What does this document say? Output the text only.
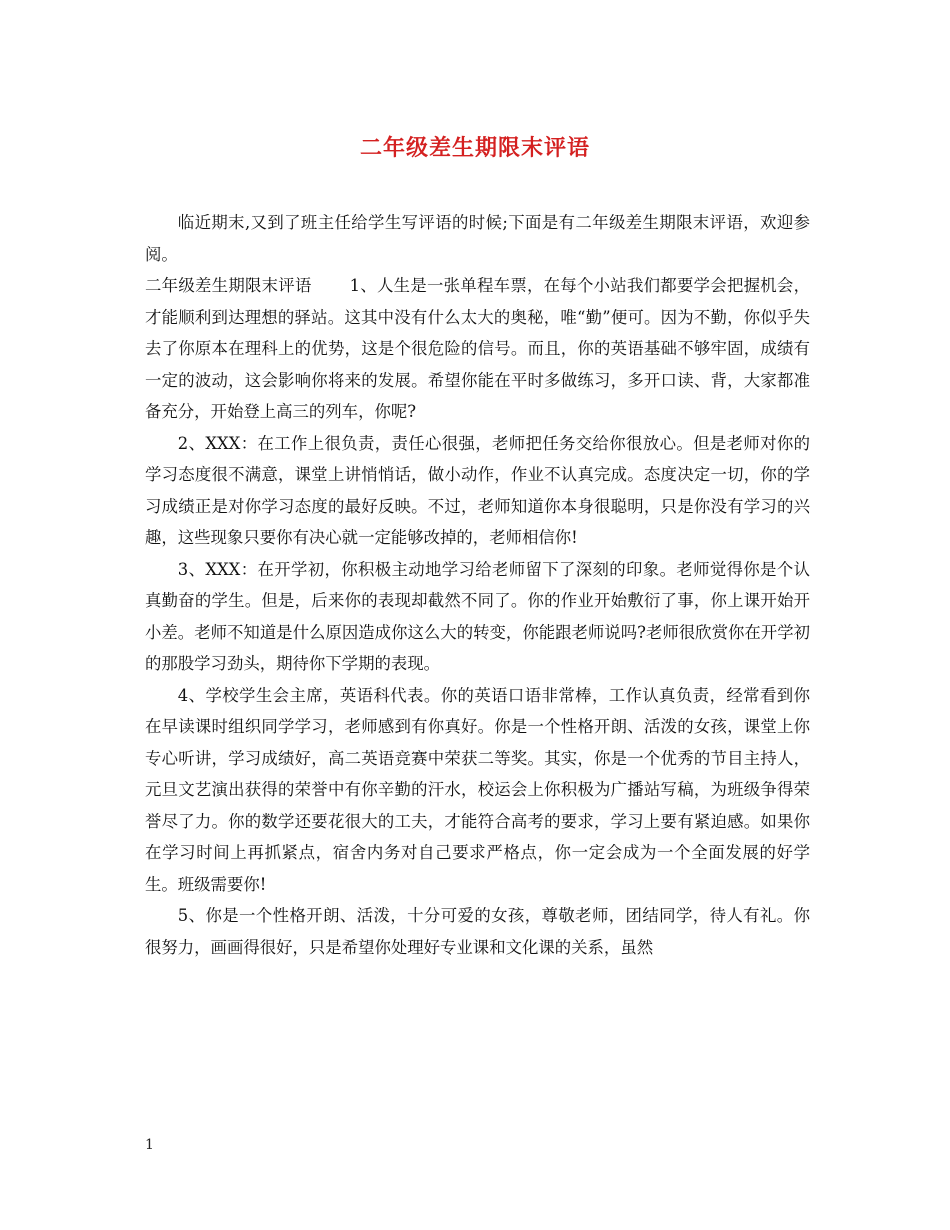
二年级差生期限末评语

临近期末,又到了班主任给学生写评语的时候;下面是有二年级差生期限末评语，欢迎参阅。

二年级差生期限末评语 1、人生是一张单程车票，在每个小站我们都要学会把握机会，才能顺利到达理想的驿站。这其中没有什么太大的奥秘，唯“勤”便可。因为不勤，你似乎失去了你原本在理科上的优势，这是个很危险的信号。而且，你的英语基础不够牢固，成绩有一定的波动，这会影响你将来的发展。希望你能在平时多做练习，多开口读、背，大家都准备充分，开始登上高三的列车，你呢?

2、XXX：在工作上很负责，责任心很强，老师把任务交给你很放心。但是老师对你的学习态度很不满意，课堂上讲悄悄话，做小动作，作业不认真完成。态度决定一切，你的学习成绩正是对你学习态度的最好反映。不过，老师知道你本身很聪明，只是你没有学习的兴趣，这些现象只要你有决心就一定能够改掉的，老师相信你!

3、XXX：在开学初，你积极主动地学习给老师留下了深刻的印象。老师觉得你是个认真勤奋的学生。但是，后来你的表现却截然不同了。你的作业开始敷衍了事，你上课开始开小差。老师不知道是什么原因造成你这么大的转变，你能跟老师说吗?老师很欣赏你在开学初的那股学习劲头，期待你下学期的表现。

4、学校学生会主席，英语科代表。你的英语口语非常棒，工作认真负责，经常看到你在早读课时组织同学学习，老师感到有你真好。你是一个性格开朗、活泼的女孩，课堂上你专心听讲，学习成绩好，高二英语竞赛中荣获二等奖。其实，你是一个优秀的节目主持人，元旦文艺演出获得的荣誉中有你辛勤的汗水，校运会上你积极为广播站写稿，为班级争得荣誉尽了力。你的数学还要花很大的工夫，才能符合高考的要求，学习上要有紧迫感。如果你在学习时间上再抓紧点，宿舍内务对自己要求严格点，你一定会成为一个全面发展的好学生。班级需要你!

5、你是一个性格开朗、活泼，十分可爱的女孩，尊敬老师，团结同学，待人有礼。你很努力，画画得很好，只是希望你处理好专业课和文化课的关系，虽然

1
